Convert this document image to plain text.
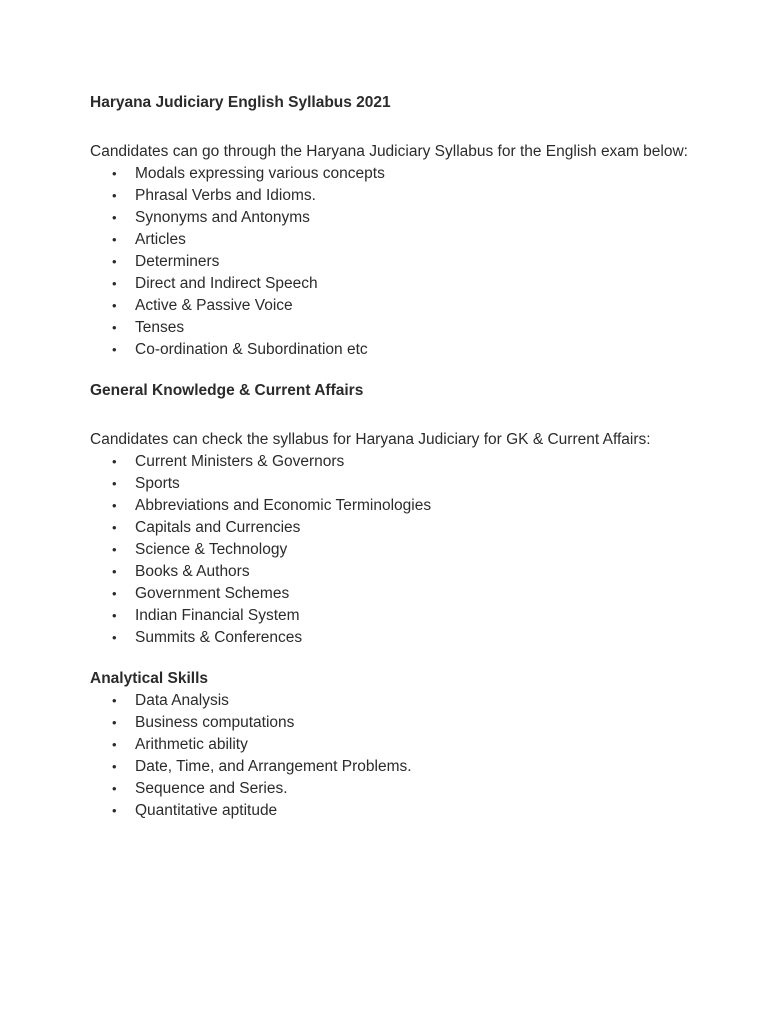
Haryana Judiciary English Syllabus 2021

Candidates can go through the Haryana Judiciary Syllabus for the English exam below:

• Modals expressing various concepts
• Phrasal Verbs and Idioms.
• Synonyms and Antonyms
• Articles
• Determiners
• Direct and Indirect Speech
• Active & Passive Voice
• Tenses
• Co-ordination & Subordination etc

General Knowledge & Current Affairs

Candidates can check the syllabus for Haryana Judiciary for GK & Current Affairs:

• Current Ministers & Governors
• Sports
• Abbreviations and Economic Terminologies
• Capitals and Currencies
• Science & Technology
• Books & Authors
• Government Schemes
• Indian Financial System
• Summits & Conferences

Analytical Skills

• Data Analysis
• Business computations
• Arithmetic ability
• Date, Time, and Arrangement Problems.
• Sequence and Series.
• Quantitative aptitude
